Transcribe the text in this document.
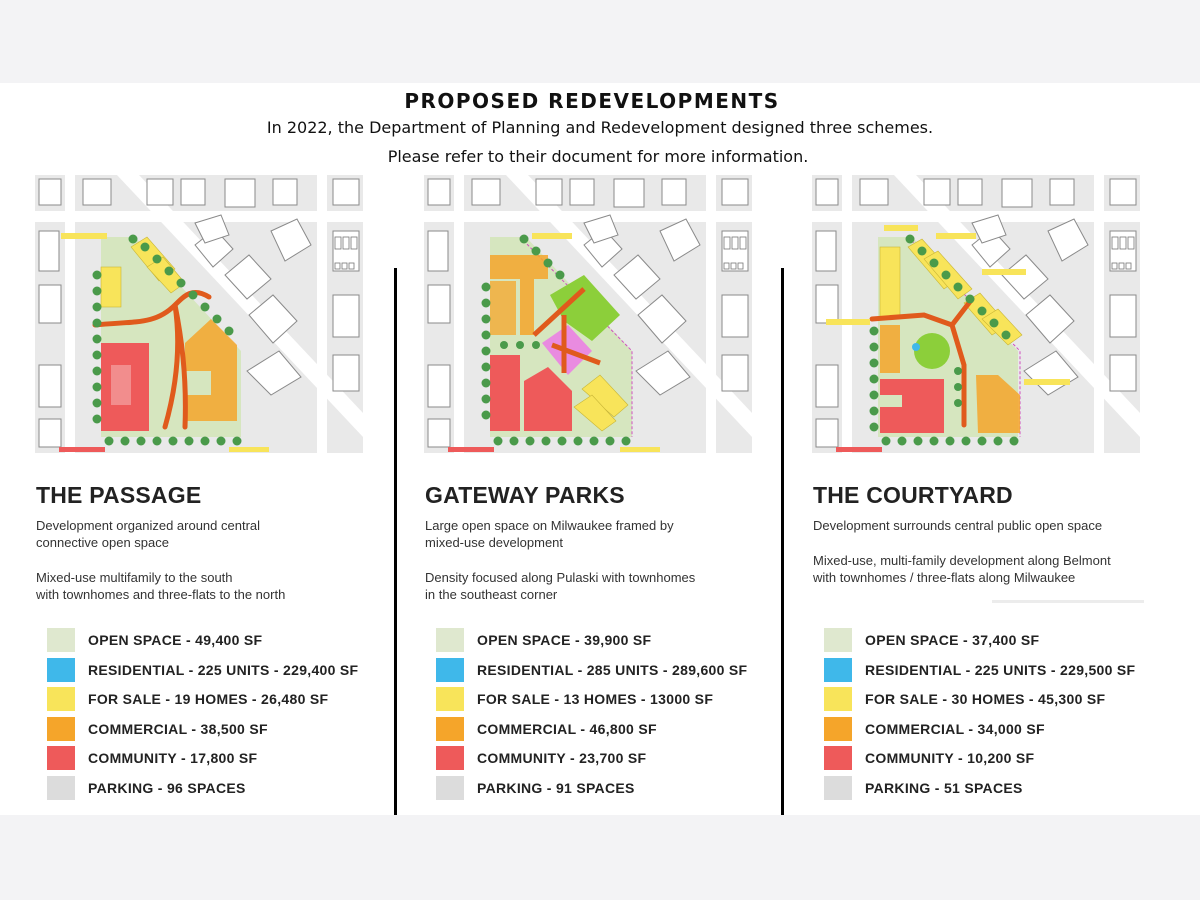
PROPOSED REDEVELOPMENTS
In 2022, the Department of Planning and Redevelopment designed three schemes.
Please refer to their document for more information.
THE PASSAGE
Development organized around central
connective open space
Mixed-use multifamily to the south
with townhomes and three-flats to the north
OPEN SPACE - 49,400 SF
RESIDENTIAL - 225 UNITS - 229,400 SF
FOR SALE - 19 HOMES - 26,480 SF
COMMERCIAL - 38,500 SF
COMMUNITY - 17,800 SF
PARKING - 96 SPACES
GATEWAY PARKS
Large open space on Milwaukee framed by
mixed-use development
Density focused along Pulaski with townhomes
in the southeast corner
OPEN SPACE - 39,900 SF
RESIDENTIAL - 285 UNITS - 289,600 SF
FOR SALE - 13 HOMES - 13000 SF
COMMERCIAL - 46,800 SF
COMMUNITY - 23,700 SF
PARKING - 91 SPACES
THE COURTYARD
Development surrounds central public open space
Mixed-use, multi-family development along Belmont
with townhomes / three-flats along Milwaukee
OPEN SPACE - 37,400 SF
RESIDENTIAL - 225 UNITS - 229,500 SF
FOR SALE - 30 HOMES - 45,300 SF
COMMERCIAL - 34,000 SF
COMMUNITY - 10,200 SF
PARKING - 51 SPACES
